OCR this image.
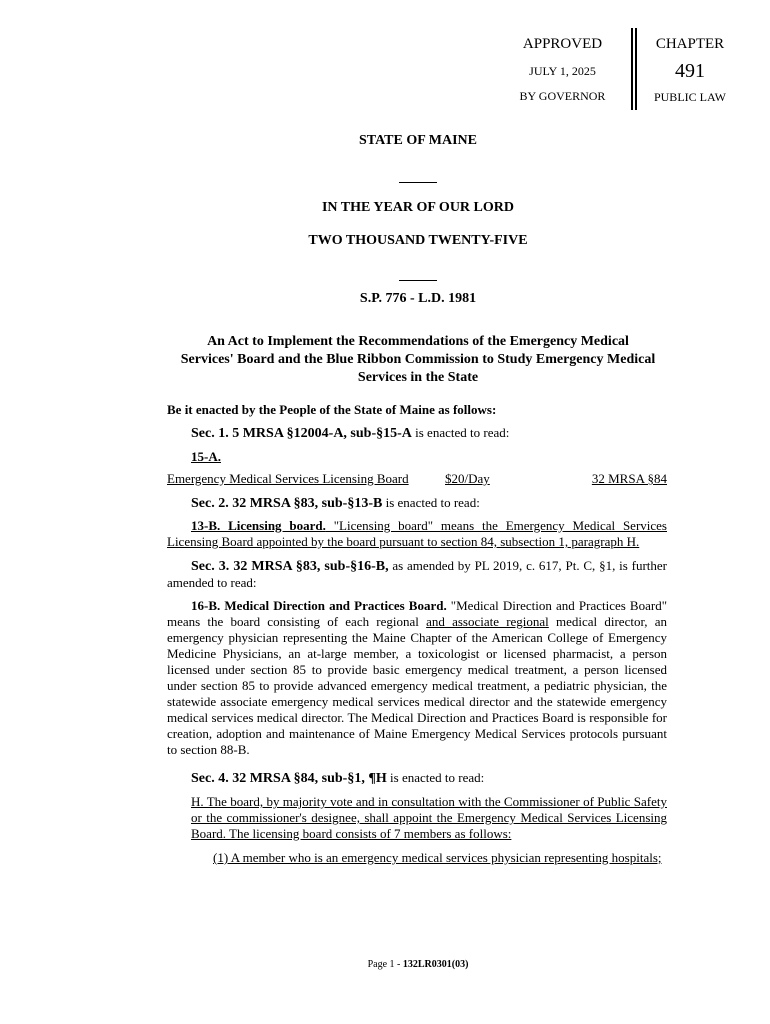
APPROVED
JULY 1, 2025
BY GOVERNOR
CHAPTER
491
PUBLIC LAW
STATE OF MAINE
IN THE YEAR OF OUR LORD
TWO THOUSAND TWENTY-FIVE
S.P. 776 - L.D. 1981
An Act to Implement the Recommendations of the Emergency Medical Services' Board and the Blue Ribbon Commission to Study Emergency Medical Services in the State
Be it enacted by the People of the State of Maine as follows:
Sec. 1. 5 MRSA §12004-A, sub-§15-A is enacted to read:
15-A.
Emergency Medical Services Licensing Board	$20/Day	32 MRSA §84
Sec. 2. 32 MRSA §83, sub-§13-B is enacted to read:
13-B. Licensing board. "Licensing board" means the Emergency Medical Services Licensing Board appointed by the board pursuant to section 84, subsection 1, paragraph H.
Sec. 3. 32 MRSA §83, sub-§16-B, as amended by PL 2019, c. 617, Pt. C, §1, is further amended to read:
16-B. Medical Direction and Practices Board. "Medical Direction and Practices Board" means the board consisting of each regional and associate regional medical director, an emergency physician representing the Maine Chapter of the American College of Emergency Medicine Physicians, an at-large member, a toxicologist or licensed pharmacist, a person licensed under section 85 to provide basic emergency medical treatment, a person licensed under section 85 to provide advanced emergency medical treatment, a pediatric physician, the statewide associate emergency medical services medical director and the statewide emergency medical services medical director. The Medical Direction and Practices Board is responsible for creation, adoption and maintenance of Maine Emergency Medical Services protocols pursuant to section 88-B.
Sec. 4. 32 MRSA §84, sub-§1, ¶H is enacted to read:
H. The board, by majority vote and in consultation with the Commissioner of Public Safety or the commissioner's designee, shall appoint the Emergency Medical Services Licensing Board. The licensing board consists of 7 members as follows:
(1) A member who is an emergency medical services physician representing hospitals;
Page 1 - 132LR0301(03)
